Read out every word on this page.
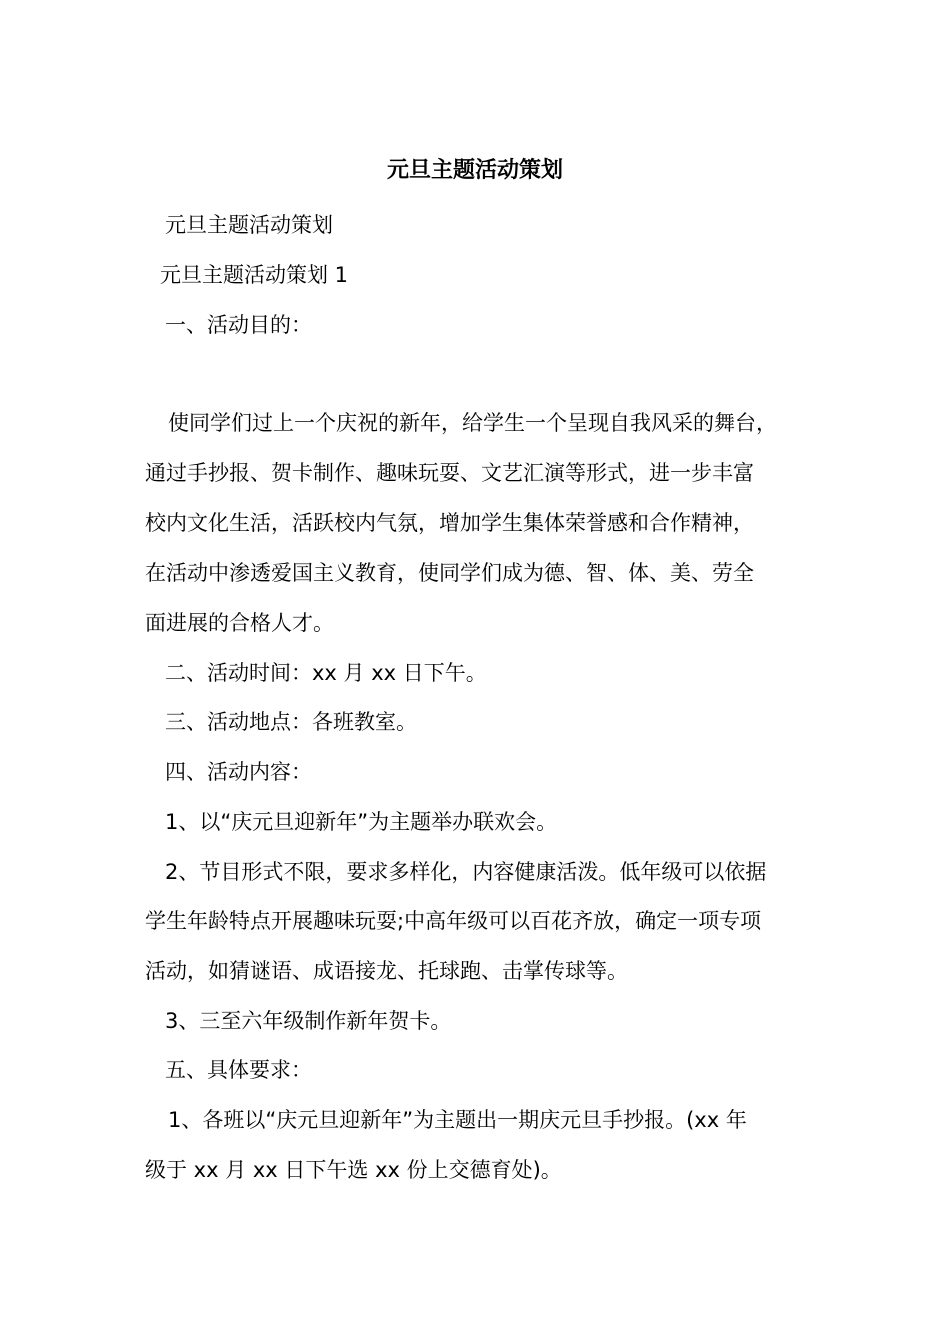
元旦主题活动策划
元旦主题活动策划
元旦主题活动策划 1
一、活动目的：
使同学们过上一个庆祝的新年，给学生一个呈现自我风采的舞台，
通过手抄报、贺卡制作、趣味玩耍、文艺汇演等形式，进一步丰富
校内文化生活，活跃校内气氛，增加学生集体荣誉感和合作精神，
在活动中渗透爱国主义教育，使同学们成为德、智、体、美、劳全
面进展的合格人才。
二、活动时间：xx 月 xx 日下午。
三、活动地点：各班教室。
四、活动内容：
1、以“庆元旦迎新年”为主题举办联欢会。
2、节目形式不限，要求多样化，内容健康活泼。低年级可以依据
学生年龄特点开展趣味玩耍;中高年级可以百花齐放，确定一项专项
活动，如猜谜语、成语接龙、托球跑、击掌传球等。
3、三至六年级制作新年贺卡。
五、具体要求：
1、各班以“庆元旦迎新年”为主题出一期庆元旦手抄报。(xx 年
级于 xx 月 xx 日下午选 xx 份上交德育处)。
